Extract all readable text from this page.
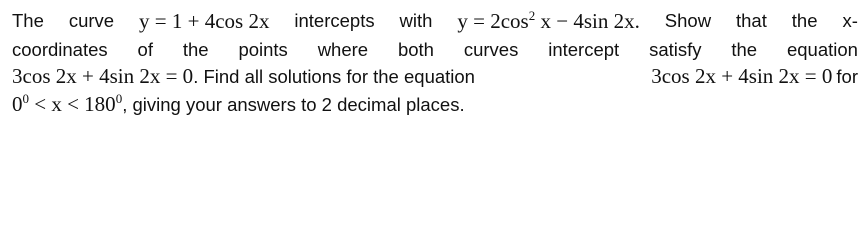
The curve y = 1 + 4cos 2x intercepts with $y = 2\cos^2$ x − 4sin 2x. Show that the x-
coordinates of the points where both curves intercept satisfy the equation
3cos 2x + 4sin 2x = 0. Find all solutions for the equation	3cos 2x + 4sin 2x = 0 for
$0^0 < x < 180^0$, giving your answers to 2 decimal places.
